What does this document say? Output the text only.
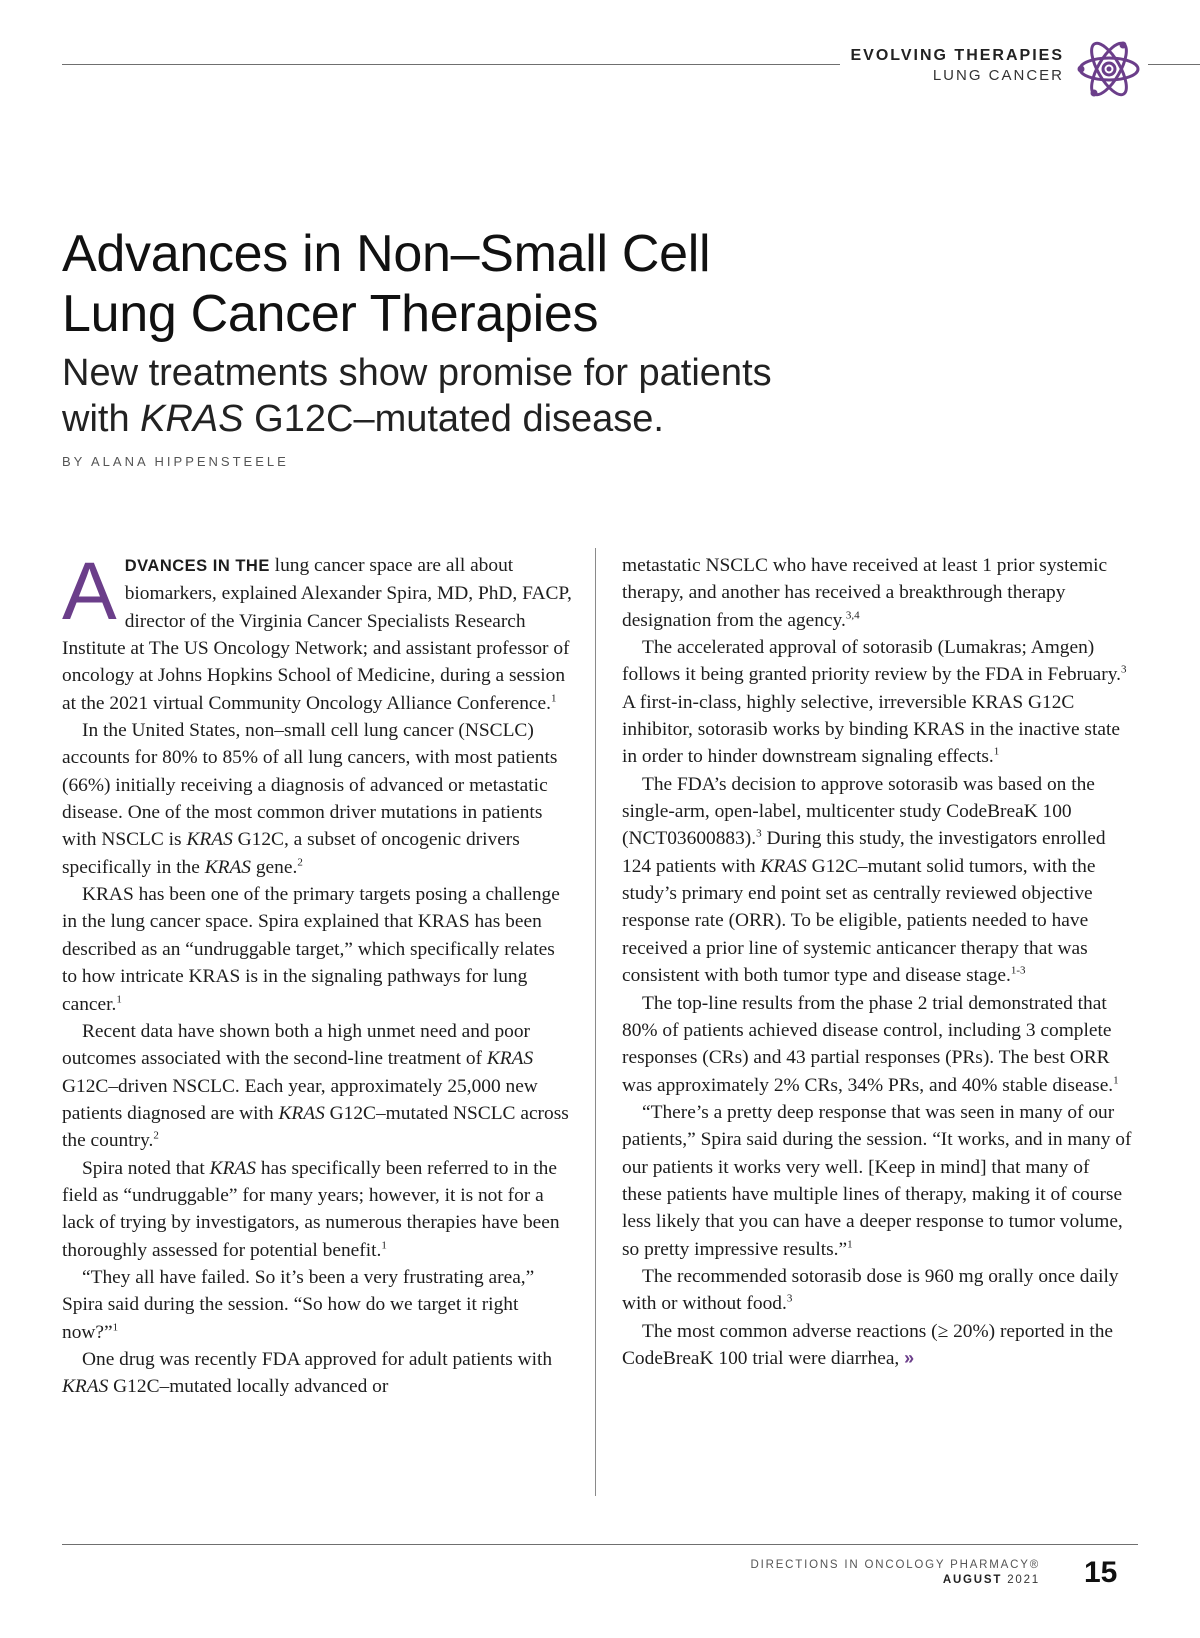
EVOLVING THERAPIES
LUNG CANCER
Advances in Non–Small Cell
Lung Cancer Therapies
New treatments show promise for patients
with KRAS G12C–mutated disease.
BY ALANA HIPPENSTEELE

ADVANCES IN THE lung cancer space are all about biomarkers, explained Alexander Spira, MD, PhD, FACP, director of the Virginia Cancer Specialists Research Institute at The US Oncology Network; and assistant professor of oncology at Johns Hopkins School of Medicine, during a session at the 2021 virtual Community Oncology Alliance Conference.$^1$

In the United States, non–small cell lung cancer (NSCLC) accounts for 80% to 85% of all lung cancers, with most patients (66%) initially receiving a diagnosis of advanced or metastatic disease. One of the most common driver mutations in patients with NSCLC is KRAS G12C, a subset of oncogenic drivers specifically in the KRAS gene.$^2$

KRAS has been one of the primary targets posing a challenge in the lung cancer space. Spira explained that KRAS has been described as an “undruggable target,” which specifically relates to how intricate KRAS is in the signaling pathways for lung cancer.$^1$

Recent data have shown both a high unmet need and poor outcomes associated with the second-line treatment of KRAS G12C–driven NSCLC. Each year, approximately 25,000 new patients diagnosed are with KRAS G12C–mutated NSCLC across the country.$^2$

Spira noted that KRAS has specifically been referred to in the field as “undruggable” for many years; however, it is not for a lack of trying by investigators, as numerous therapies have been thoroughly assessed for potential benefit.$^1$

“They all have failed. So it’s been a very frustrating area,” Spira said during the session. “So how do we target it right now?”$^1$

One drug was recently FDA approved for adult patients with KRAS G12C–mutated locally advanced or

metastatic NSCLC who have received at least 1 prior systemic therapy, and another has received a breakthrough therapy designation from the agency.$^{3,4}$

The accelerated approval of sotorasib (Lumakras; Amgen) follows it being granted priority review by the FDA in February.$^3$ A first-in-class, highly selective, irreversible KRAS G12C inhibitor, sotorasib works by binding KRAS in the inactive state in order to hinder downstream signaling effects.$^1$

The FDA’s decision to approve sotorasib was based on the single-arm, open-label, multicenter study CodeBreaK 100 (NCT03600883).$^3$ During this study, the investigators enrolled 124 patients with KRAS G12C–mutant solid tumors, with the study’s primary end point set as centrally reviewed objective response rate (ORR). To be eligible, patients needed to have received a prior line of systemic anticancer therapy that was consistent with both tumor type and disease stage.$^{1-3}$

The top-line results from the phase 2 trial demonstrated that 80% of patients achieved disease control, including 3 complete responses (CRs) and 43 partial responses (PRs). The best ORR was approximately 2% CRs, 34% PRs, and 40% stable disease.$^1$

“There’s a pretty deep response that was seen in many of our patients,” Spira said during the session. “It works, and in many of our patients it works very well. [Keep in mind] that many of these patients have multiple lines of therapy, making it of course less likely that you can have a deeper response to tumor volume, so pretty impressive results.”$^1$

The recommended sotorasib dose is 960 mg orally once daily with or without food.$^3$

The most common adverse reactions (≥ 20%) reported in the CodeBreaK 100 trial were diarrhea, »

DIRECTIONS IN ONCOLOGY PHARMACY®
AUGUST 2021 15
